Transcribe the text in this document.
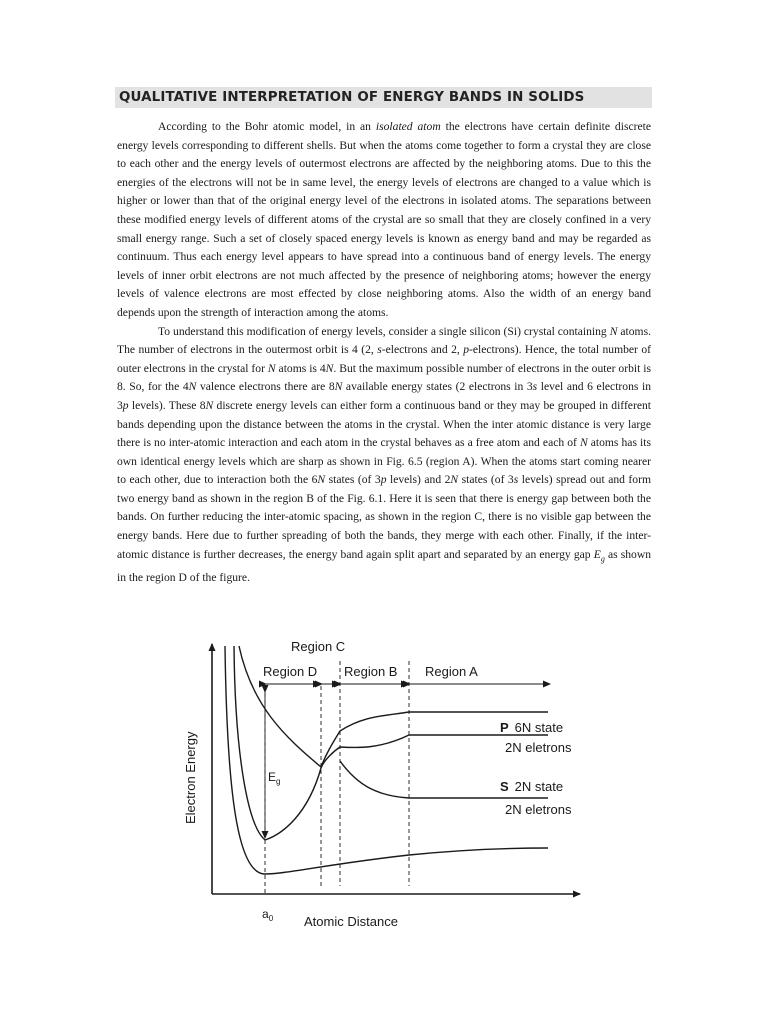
QUALITATIVE INTERPRETATION OF ENERGY BANDS IN SOLIDS

According to the Bohr atomic model, in an isolated atom the electrons have certain definite discrete energy levels corresponding to different shells. But when the atoms come together to form a crystal they are close to each other and the energy levels of outermost electrons are affected by the neighboring atoms. Due to this the energies of the electrons will not be in same level, the energy levels of electrons are changed to a value which is higher or lower than that of the original energy level of the electrons in isolated atoms. The separations between these modified energy levels of different atoms of the crystal are so small that they are closely confined in a very small energy range. Such a set of closely spaced energy levels is known as energy band and may be regarded as continuum. Thus each energy level appears to have spread into a continuous band of energy levels. The energy levels of inner orbit electrons are not much affected by the presence of neighboring atoms; however the energy levels of valence electrons are most effected by close neighboring atoms. Also the width of an energy band depends upon the strength of interaction among the atoms.

To understand this modification of energy levels, consider a single silicon (Si) crystal containing N atoms. The number of electrons in the outermost orbit is 4 (2, s-electrons and 2, p-electrons). Hence, the total number of outer electrons in the crystal for N atoms is 4N. But the maximum possible number of electrons in the outer orbit is 8. So, for the 4N valence electrons there are 8N available energy states (2 electrons in 3s level and 6 electrons in 3p levels). These 8N discrete energy levels can either form a continuous band or they may be grouped in different bands depending upon the distance between the atoms in the crystal. When the inter atomic distance is very large there is no inter-atomic interaction and each atom in the crystal behaves as a free atom and each of N atoms has its own identical energy levels which are sharp as shown in Fig. 6.5 (region A). When the atoms start coming nearer to each other, due to interaction both the 6N states (of 3p levels) and 2N states (of 3s levels) spread out and form two energy band as shown in the region B of the Fig. 6.1. Here it is seen that there is energy gap between both the bands. On further reducing the inter-atomic spacing, as shown in the region C, there is no visible gap between the energy bands. Here due to further spreading of both the bands, they merge with each other. Finally, if the inter-atomic distance is further decreases, the energy band again split apart and separated by an energy gap $E_g$ as shown in the region D of the figure.

Region C
Region D Region B Region A
$E_g$
P 6N state
2N eletrons
S 2N state
2N eletrons
Electron Energy
Atomic Distance
$a_0$
